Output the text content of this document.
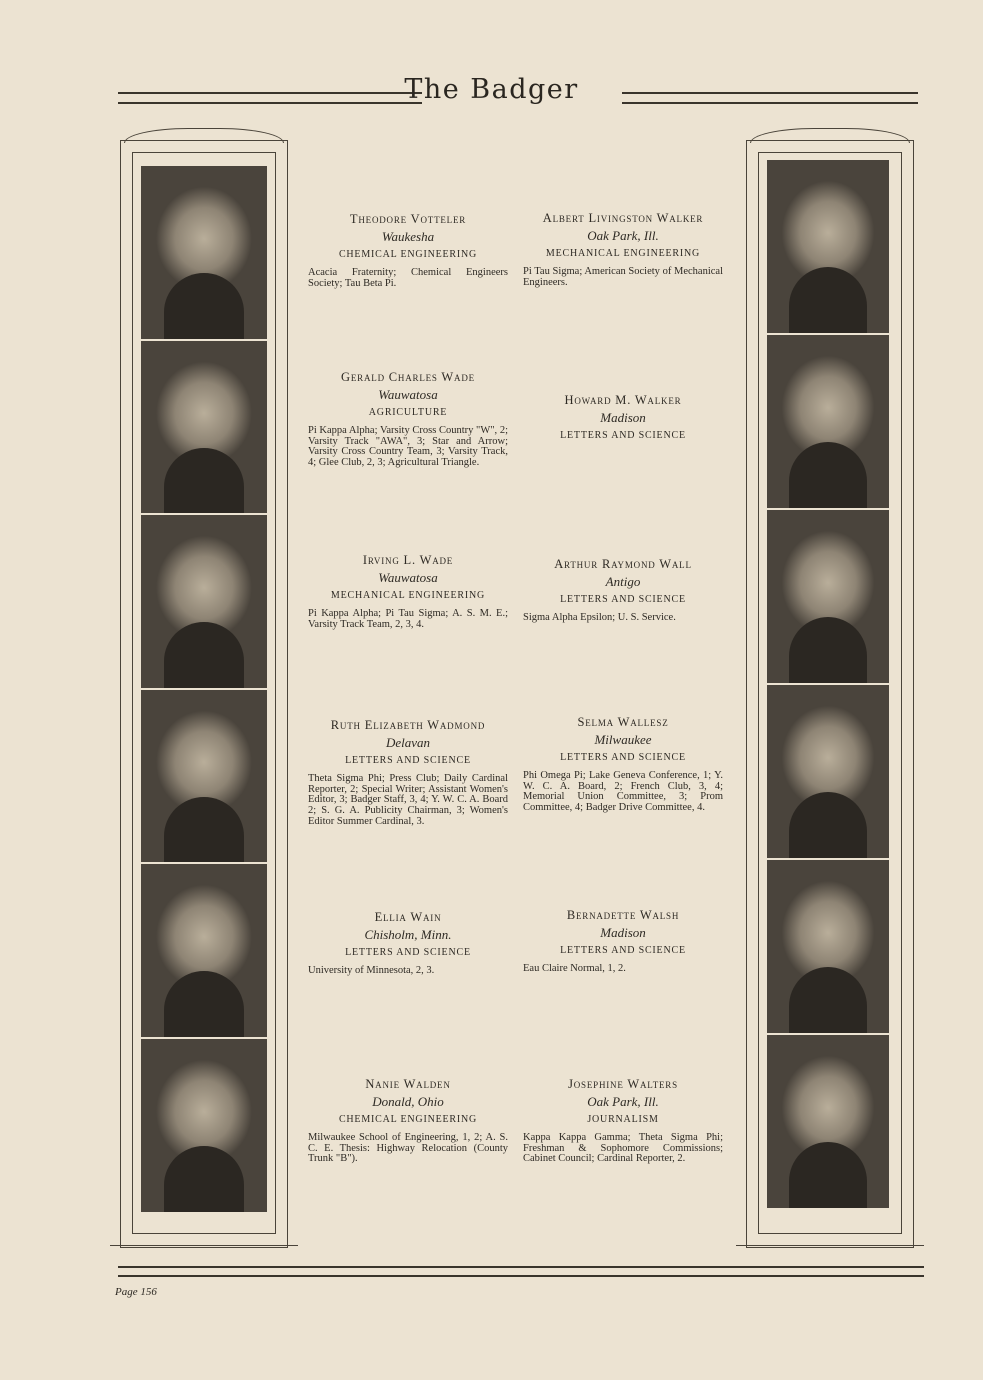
The Badger
Theodore Votteler
Waukesha
CHEMICAL ENGINEERING
Acacia Fraternity; Chemical Engineers Society; Tau Beta Pi.
Gerald Charles Wade
Wauwatosa
AGRICULTURE
Pi Kappa Alpha; Varsity Cross Country "W", 2; Varsity Track "AWA", 3; Star and Arrow; Varsity Cross Country Team, 3; Varsity Track, 4; Glee Club, 2, 3; Agricultural Triangle.
Irving L. Wade
Wauwatosa
MECHANICAL ENGINEERING
Pi Kappa Alpha; Pi Tau Sigma; A. S. M. E.; Varsity Track Team, 2, 3, 4.
Ruth Elizabeth Wadmond
Delavan
LETTERS AND SCIENCE
Theta Sigma Phi; Press Club; Daily Cardinal Reporter, 2; Special Writer; Assistant Women's Editor, 3; Badger Staff, 3, 4; Y. W. C. A. Board 2; S. G. A. Publicity Chairman, 3; Women's Editor Summer Cardinal, 3.
Ellia Wain
Chisholm, Minn.
LETTERS AND SCIENCE
University of Minnesota, 2, 3.
Nanie Walden
Donald, Ohio
CHEMICAL ENGINEERING
Milwaukee School of Engineering, 1, 2; A. S. C. E. Thesis: Highway Relocation (County Trunk "B").
Albert Livingston Walker
Oak Park, Ill.
MECHANICAL ENGINEERING
Pi Tau Sigma; American Society of Mechanical Engineers.
Howard M. Walker
Madison
LETTERS AND SCIENCE
Arthur Raymond Wall
Antigo
LETTERS AND SCIENCE
Sigma Alpha Epsilon; U. S. Service.
Selma Wallesz
Milwaukee
LETTERS AND SCIENCE
Phi Omega Pi; Lake Geneva Conference, 1; Y. W. C. A. Board, 2; French Club, 3, 4; Memorial Union Committee, 3; Prom Committee, 4; Badger Drive Committee, 4.
Bernadette Walsh
Madison
LETTERS AND SCIENCE
Eau Claire Normal, 1, 2.
Josephine Walters
Oak Park, Ill.
JOURNALISM
Kappa Kappa Gamma; Theta Sigma Phi; Freshman & Sophomore Commissions; Cabinet Council; Cardinal Reporter, 2.
Page 156
